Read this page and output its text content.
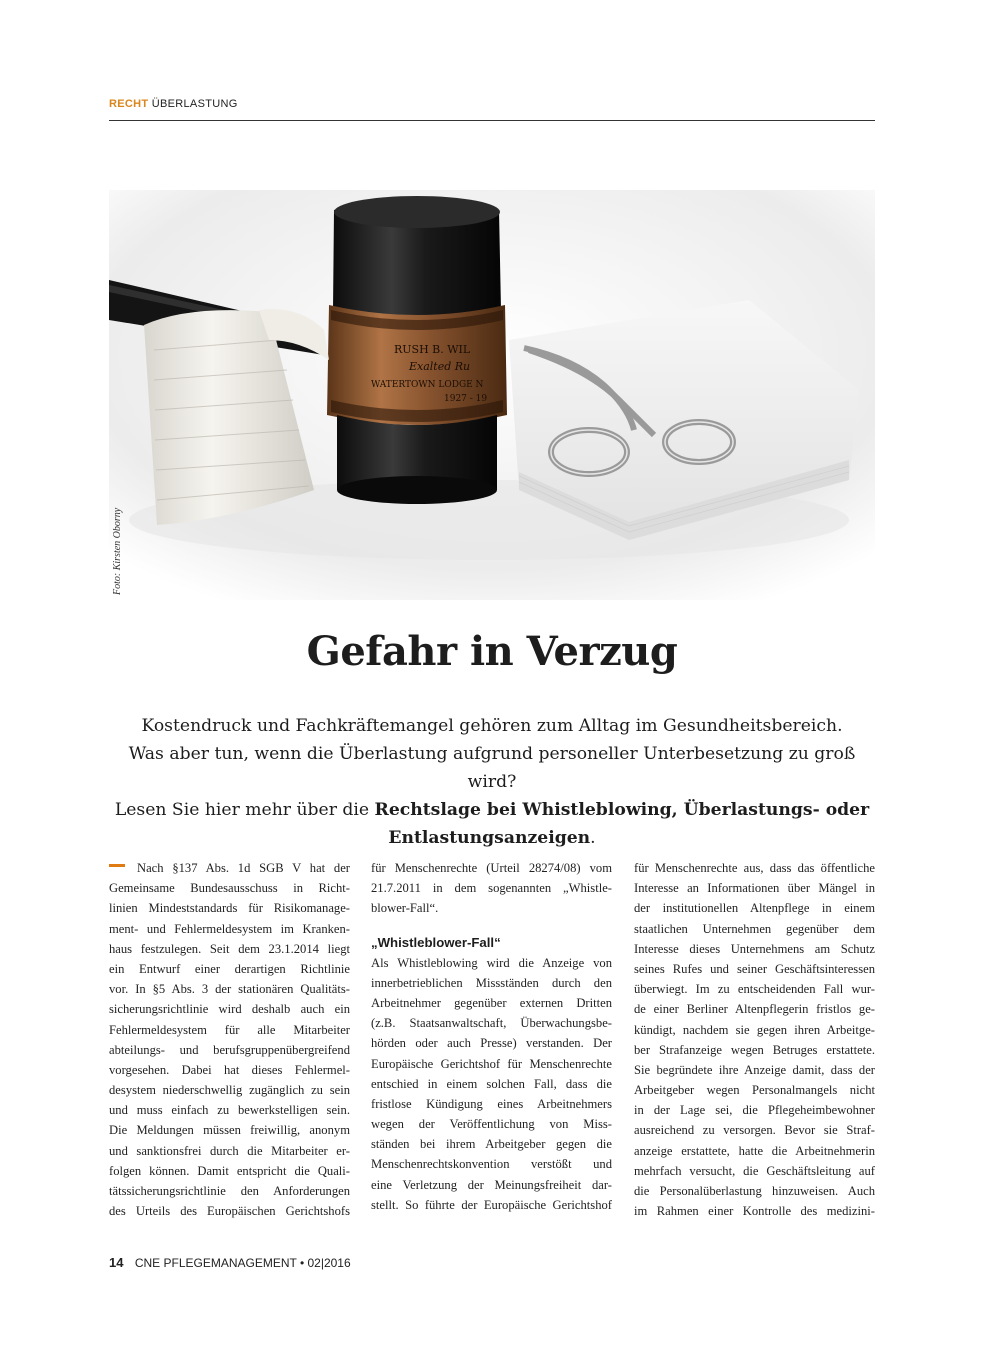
RECHT ÜBERLASTUNG
RUSH B. WIL
Exalted Ru
WATERTOWN LODGE N
1927 - 19
Foto: Kirsten Oborny
Gefahr in Verzug

Kostendruck und Fachkräftemangel gehören zum Alltag im Gesundheitsbereich.
Was aber tun, wenn die Überlastung aufgrund personeller Unterbesetzung zu groß wird?
Lesen Sie hier mehr über die Rechtslage bei Whistleblowing, Überlastungs- oder
Entlastungsanzeigen.

Nach §137 Abs. 1d SGB V hat der
Gemeinsame Bundesausschuss in Richt-
linien Mindeststandards für Risikomanage-
ment- und Fehlermeldesystem im Kranken-
haus festzulegen. Seit dem 23.1.2014 liegt
ein Entwurf einer derartigen Richtlinie
vor. In §5 Abs. 3 der stationären Qualitäts-
sicherungsrichtlinie wird deshalb auch ein
Fehlermeldesystem für alle Mitarbeiter
abteilungs- und berufsgruppenübergreifend
vorgesehen. Dabei hat dieses Fehlermel-
desystem niederschwellig zugänglich zu sein
und muss einfach zu bewerkstelligen sein.
Die Meldungen müssen freiwillig, anonym
und sanktionsfrei durch die Mitarbeiter er-
folgen können. Damit entspricht die Quali-
tätssicherungsrichtlinie den Anforderungen
des Urteils des Europäischen Gerichtshofs

für Menschenrechte (Urteil 28274/08) vom
21.7.2011 in dem sogenannten „Whistle-
blower-Fall“.

„Whistleblower-Fall“

Als Whistleblowing wird die Anzeige von
innerbetrieblichen Missständen durch den
Arbeitnehmer gegenüber externen Dritten
(z.B. Staatsanwaltschaft, Überwachungsbe-
hörden oder auch Presse) verstanden. Der
Europäische Gerichtshof für Menschenrechte
entschied in einem solchen Fall, dass die
fristlose Kündigung eines Arbeitnehmers
wegen der Veröffentlichung von Miss-
ständen bei ihrem Arbeitgeber gegen die
Menschenrechtskonvention verstößt und
eine Verletzung der Meinungsfreiheit dar-
stellt. So führte der Europäische Gerichtshof

für Menschenrechte aus, dass das öffentliche
Interesse an Informationen über Mängel in
der institutionellen Altenpflege in einem
staatlichen Unternehmen gegenüber dem
Interesse dieses Unternehmens am Schutz
seines Rufes und seiner Geschäftsinteressen
überwiegt. Im zu entscheidenden Fall wur-
de einer Berliner Altenpflegerin fristlos ge-
kündigt, nachdem sie gegen ihren Arbeitge-
ber Strafanzeige wegen Betruges erstattete.
Sie begründete ihre Anzeige damit, dass der
Arbeitgeber wegen Personalmangels nicht
in der Lage sei, die Pflegeheimbewohner
ausreichend zu versorgen. Bevor sie Straf-
anzeige erstattete, hatte die Arbeitnehmerin
mehrfach versucht, die Geschäftsleitung auf
die Personalüberlastung hinzuweisen. Auch
im Rahmen einer Kontrolle des medizini-

14 CNE PFLEGEMANAGEMENT • 02|2016
